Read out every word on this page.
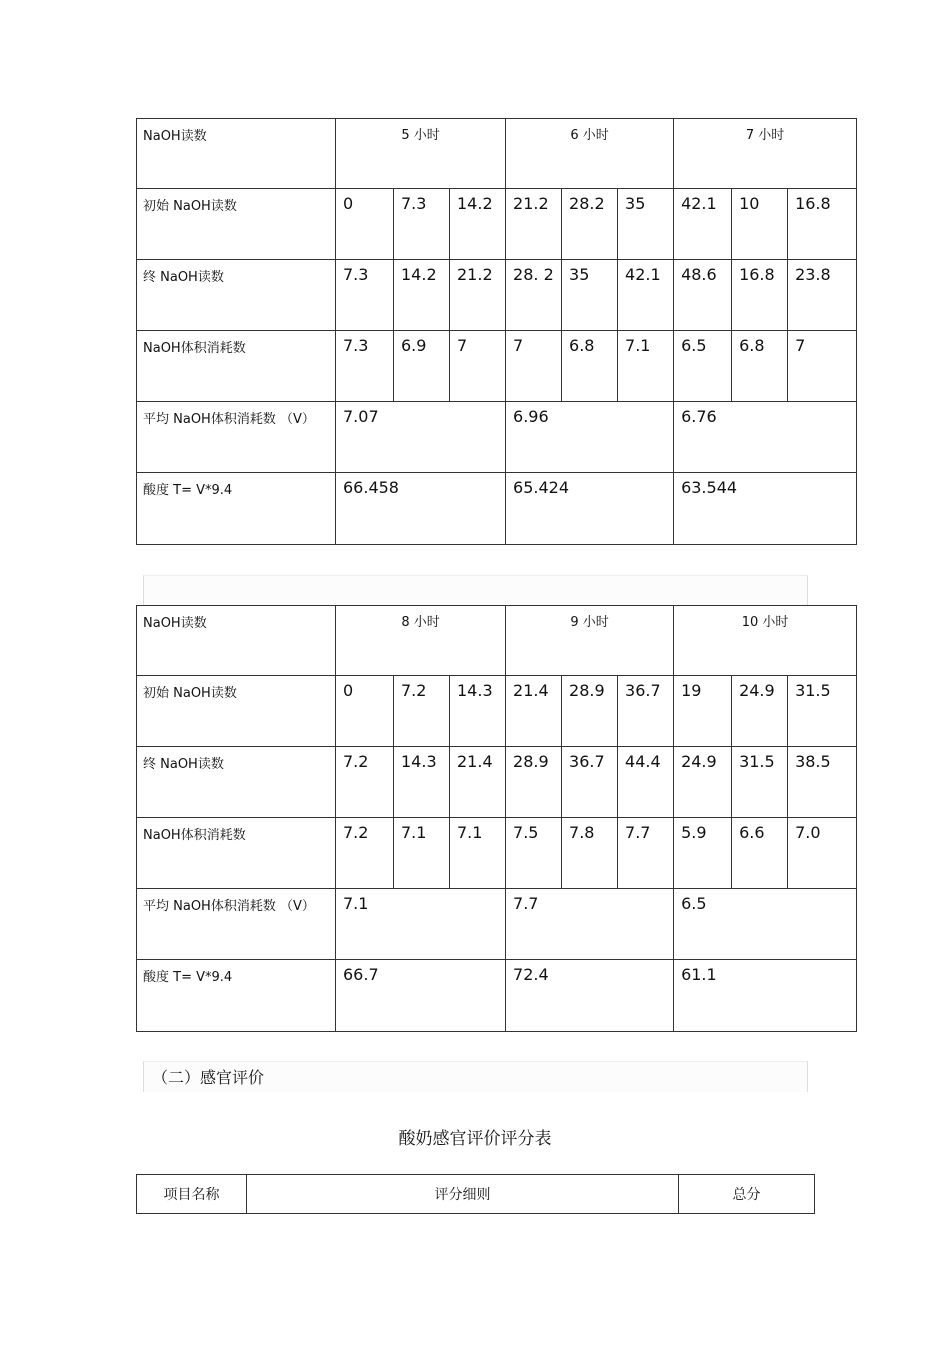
NaOH读数	5 小时			6 小时			7 小时		
初始 NaOH读数	0	7.3	14.2	21.2	28.2	35	42.1	10	16.8
终 NaOH读数	7.3	14.2	21.2	28. 2	35	42.1	48.6	16.8	23.8
NaOH体积消耗数	7.3	6.9	7	7	6.8	7.1	6.5	6.8	7
平均 NaOH体积消耗数 （V）	7.07			6.96			6.76		
酸度 T= V*9.4	66.458			65.424			63.544		
NaOH读数	8 小时			9 小时			10 小时		
初始 NaOH读数	0	7.2	14.3	21.4	28.9	36.7	19	24.9	31.5
终 NaOH读数	7.2	14.3	21.4	28.9	36.7	44.4	24.9	31.5	38.5
NaOH体积消耗数	7.2	7.1	7.1	7.5	7.8	7.7	5.9	6.6	7.0
平均 NaOH体积消耗数 （V）	7.1			7.7			6.5		
酸度 T= V*9.4	66.7			72.4			61.1		
（二）感官评价
酸奶感官评价评分表
项目名称	评分细则	总分
